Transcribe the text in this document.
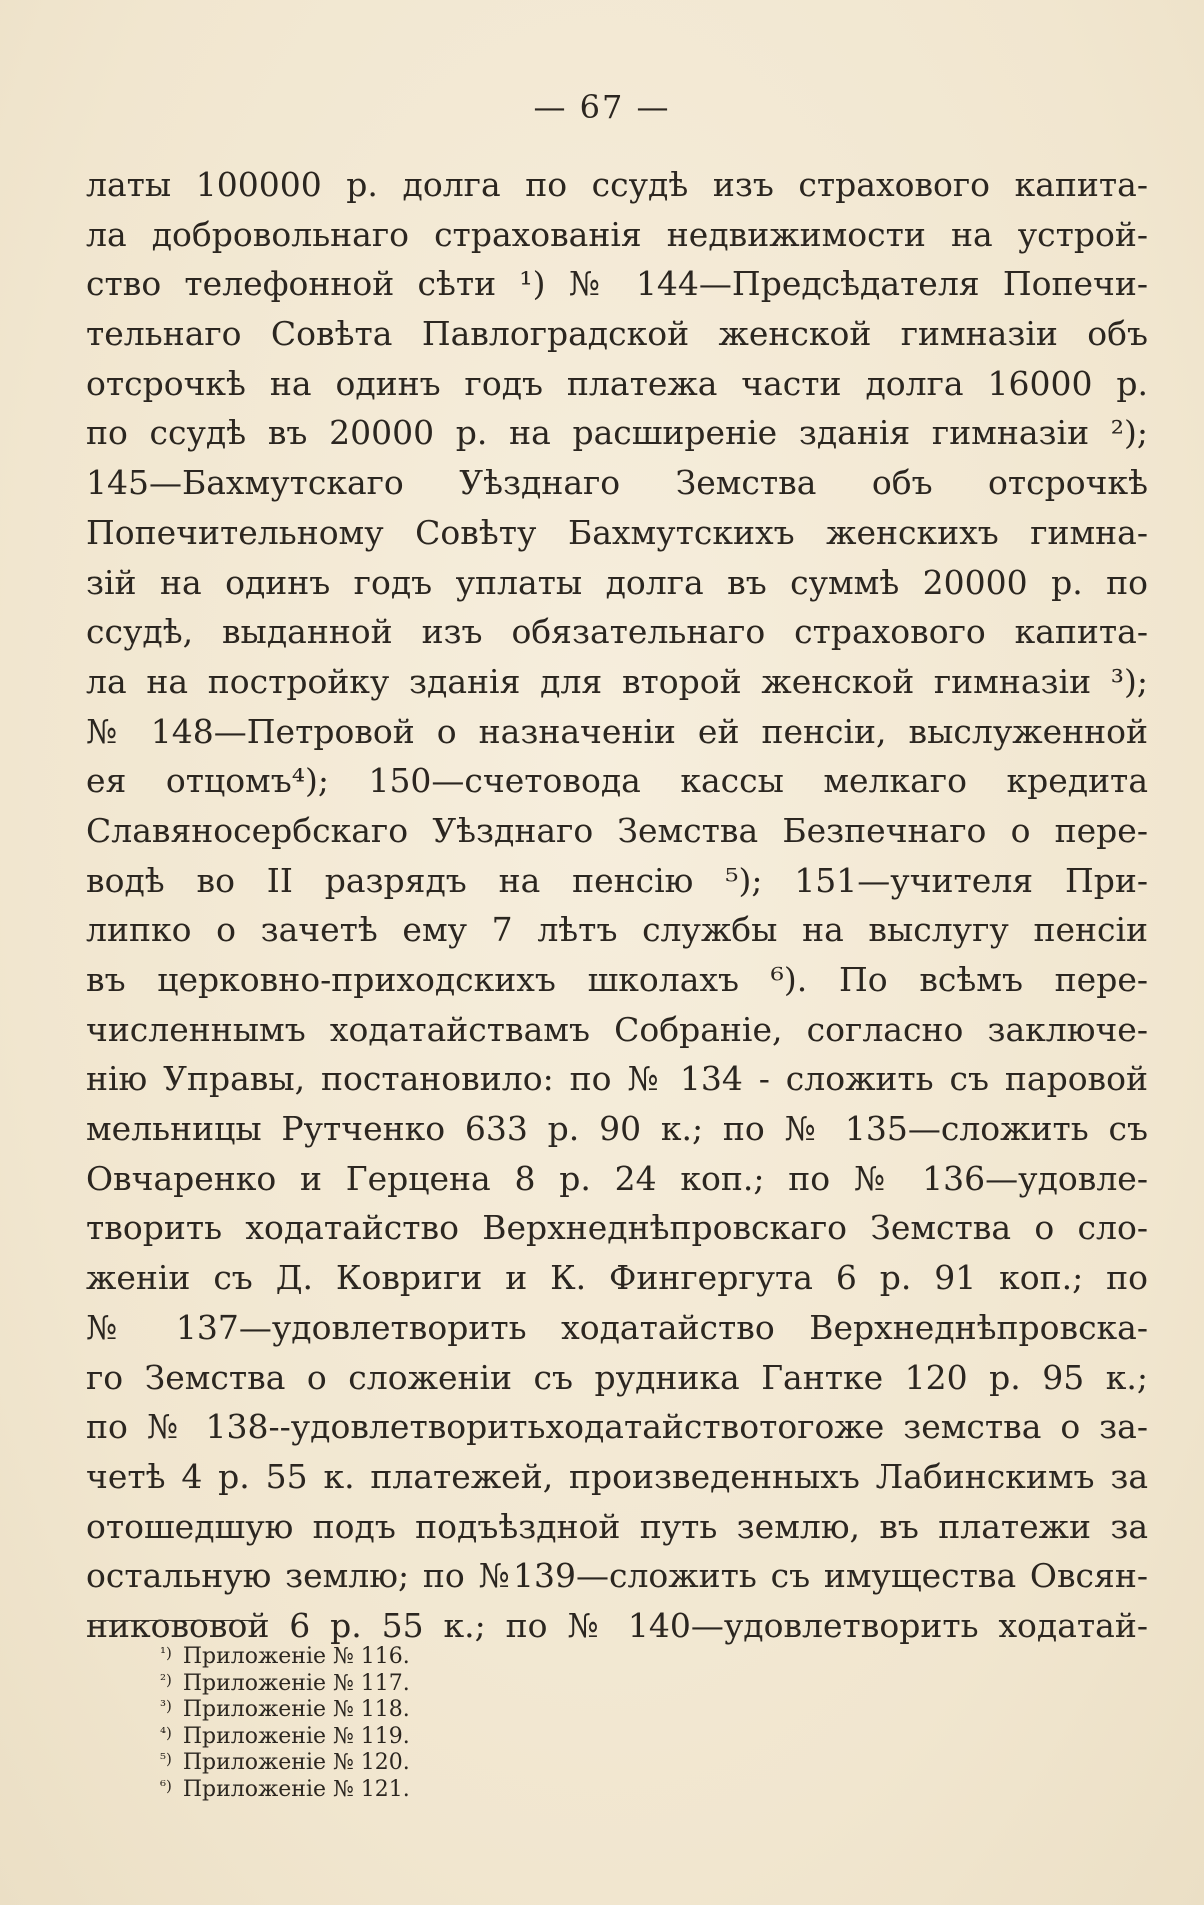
— 67 —
латы 100000 р. долга по ссудѣ изъ страхового капита-
ла добровольнаго страхованія недвижимости на устрой-
ство телефонной сѣти ¹) № 144—Предсѣдателя Попечи-
тельнаго Совѣта Павлоградской женской гимназіи объ
отсрочкѣ на одинъ годъ платежа части долга 16000 р.
по ссудѣ въ 20000 р. на расширеніе зданія гимназіи ²);
145—Бахмутскаго Уѣзднаго Земства объ отсрочкѣ
Попечительному Совѣту Бахмутскихъ женскихъ гимна-
зій на одинъ годъ уплаты долга въ суммѣ 20000 р. по
ссудѣ, выданной изъ обязательнаго страхового капита-
ла на постройку зданія для второй женской гимназіи ³);
№ 148—Петровой о назначеніи ей пенсіи, выслуженной
ея отцомъ⁴); 150—счетовода кассы мелкаго кредита
Славяносербскаго Уѣзднаго Земства Безпечнаго о пере-
водѣ во II разрядъ на пенсію ⁵); 151—учителя При-
липко о зачетѣ ему 7 лѣтъ службы на выслугу пенсіи
въ церковно-приходскихъ школахъ ⁶). По всѣмъ пере-
численнымъ ходатайствамъ Собраніе, согласно заключе-
нію Управы, постановило: по № 134 - сложить съ паровой
мельницы Рутченко 633 р. 90 к.; по № 135—сложить съ
Овчаренко и Герцена 8 р. 24 коп.; по № 136—удовле-
творить ходатайство Верхнеднѣпровскаго Земства о сло-
женіи съ Д. Ковриги и К. Фингергута 6 р. 91 коп.; по
№ 137—удовлетворить ходатайство Верхнеднѣпровска-
го Земства о сложеніи съ рудника Гантке 120 р. 95 к.;
по № 138--удовлетворитьходатайствотогоже земства о за-
четѣ 4 р. 55 к. платежей, произведенныхъ Лабинскимъ за
отошедшую подъ подъѣздной путь землю, въ платежи за
остальную землю; по №139—сложить съ имущества Овсян-
никововой 6 р. 55 к.; по № 140—удовлетворить ходатай-
$^{^1)}$ Приложеніе № 116.
$^{^2)}$ Приложеніе № 117.
$^{^3)}$ Приложеніе № 118.
$^{^4)}$ Приложеніе № 119.
$^{^5)}$ Приложеніе № 120.
$^{^6)}$ Приложеніе № 121.
